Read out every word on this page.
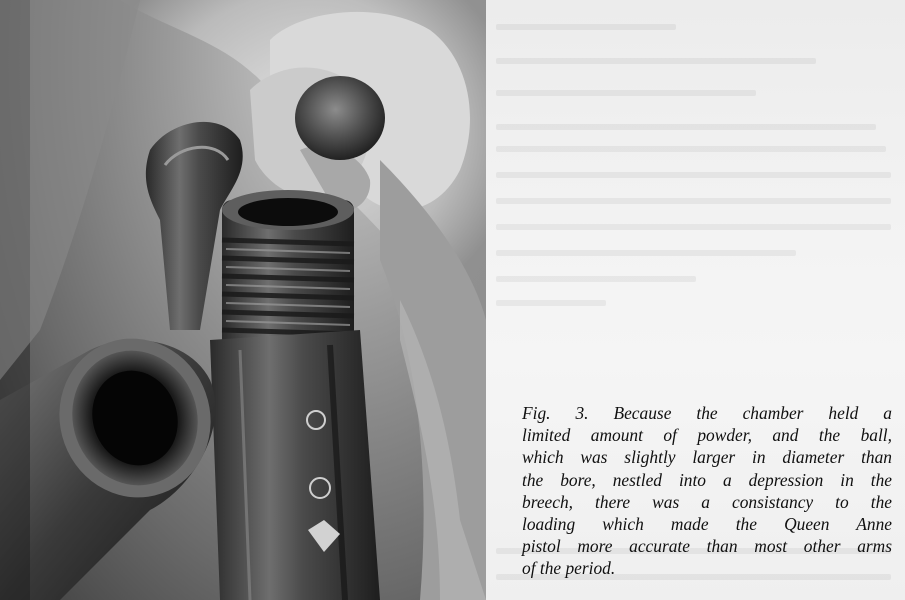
Fig. 3. Because the chamber held a
limited amount of powder, and the ball,
which was slightly larger in diameter than
the bore, nestled into a depression in the
breech, there was a consistancy to the
loading which made the Queen Anne
pistol more accurate than most other arms
of the period.
